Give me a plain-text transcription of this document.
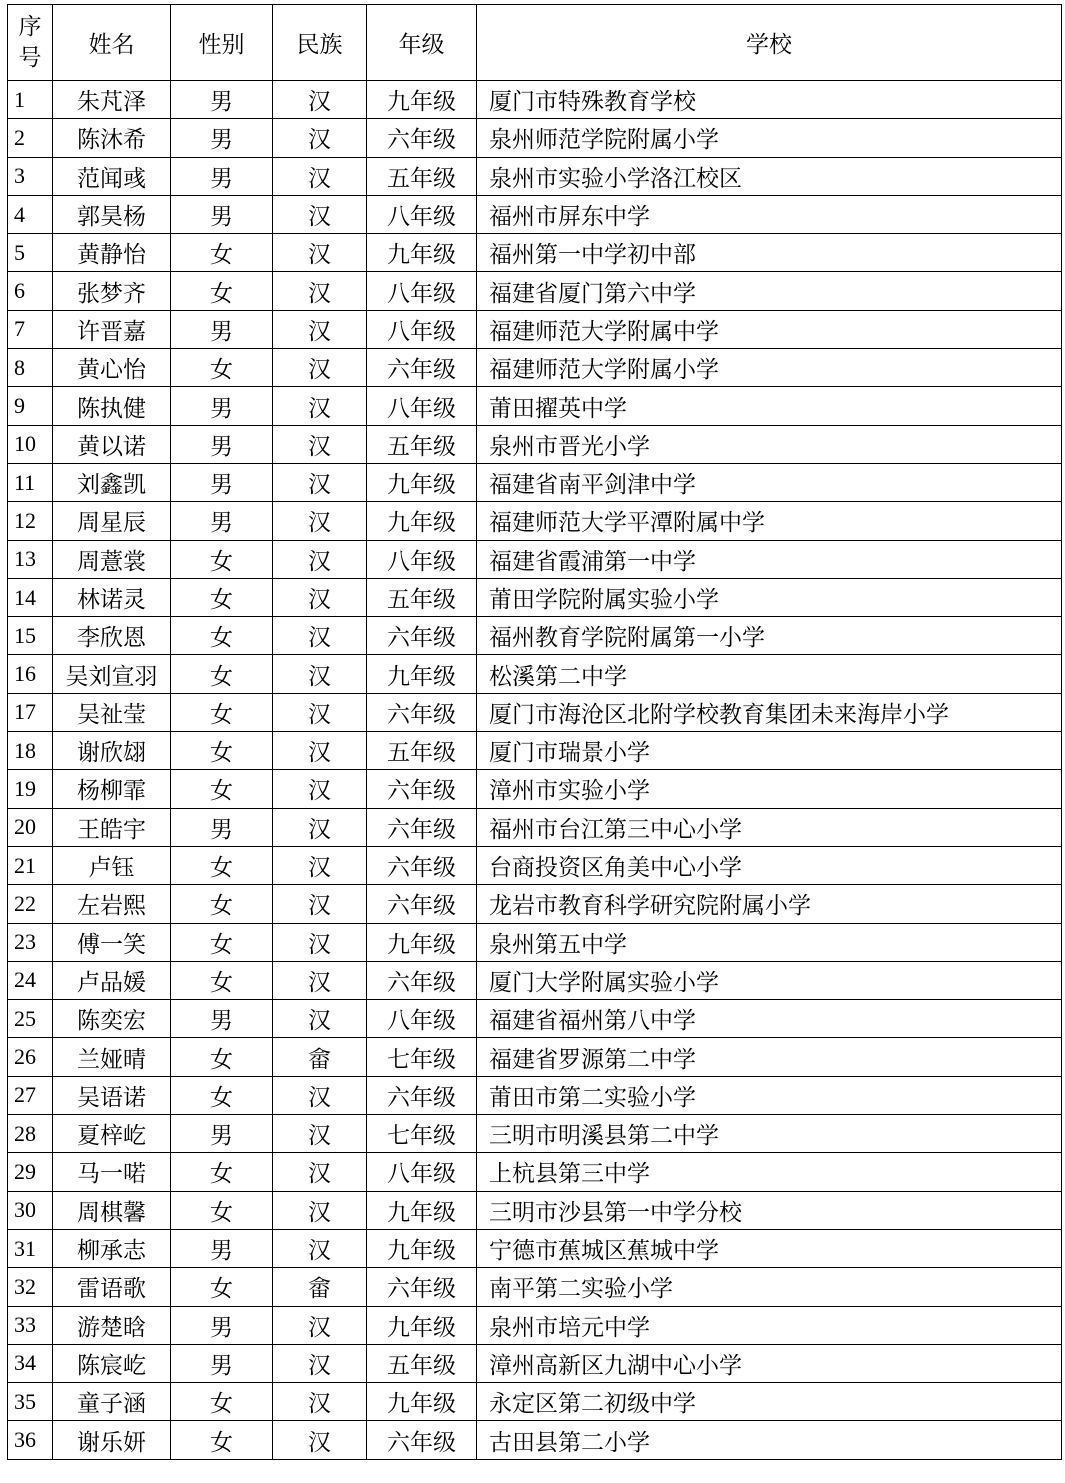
序号	姓名	性别	民族	年级	学校
1	朱芃泽	男	汉	九年级	厦门市特殊教育学校
2	陈沐希	男	汉	六年级	泉州师范学院附属小学
3	范闻彧	男	汉	五年级	泉州市实验小学洛江校区
4	郭昊杨	男	汉	八年级	福州市屏东中学
5	黄静怡	女	汉	九年级	福州第一中学初中部
6	张梦齐	女	汉	八年级	福建省厦门第六中学
7	许晋嘉	男	汉	八年级	福建师范大学附属中学
8	黄心怡	女	汉	六年级	福建师范大学附属小学
9	陈执健	男	汉	八年级	莆田擢英中学
10	黄以诺	男	汉	五年级	泉州市晋光小学
11	刘鑫凯	男	汉	九年级	福建省南平剑津中学
12	周星辰	男	汉	九年级	福建师范大学平潭附属中学
13	周薏裳	女	汉	八年级	福建省霞浦第一中学
14	林诺灵	女	汉	五年级	莆田学院附属实验小学
15	李欣恩	女	汉	六年级	福州教育学院附属第一小学
16	吴刘宣羽	女	汉	九年级	松溪第二中学
17	吴祉莹	女	汉	六年级	厦门市海沧区北附学校教育集团未来海岸小学
18	谢欣翃	女	汉	五年级	厦门市瑞景小学
19	杨柳霏	女	汉	六年级	漳州市实验小学
20	王皓宇	男	汉	六年级	福州市台江第三中心小学
21	卢钰	女	汉	六年级	台商投资区角美中心小学
22	左岩熙	女	汉	六年级	龙岩市教育科学研究院附属小学
23	傅一笑	女	汉	九年级	泉州第五中学
24	卢品媛	女	汉	六年级	厦门大学附属实验小学
25	陈奕宏	男	汉	八年级	福建省福州第八中学
26	兰娅晴	女	畲	七年级	福建省罗源第二中学
27	吴语诺	女	汉	六年级	莆田市第二实验小学
28	夏梓屹	男	汉	七年级	三明市明溪县第二中学
29	马一喏	女	汉	八年级	上杭县第三中学
30	周棋馨	女	汉	九年级	三明市沙县第一中学分校
31	柳承志	男	汉	九年级	宁德市蕉城区蕉城中学
32	雷语歌	女	畲	六年级	南平第二实验小学
33	游楚晗	男	汉	九年级	泉州市培元中学
34	陈宸屹	男	汉	五年级	漳州高新区九湖中心小学
35	童子涵	女	汉	九年级	永定区第二初级中学
36	谢乐妍	女	汉	六年级	古田县第二小学
